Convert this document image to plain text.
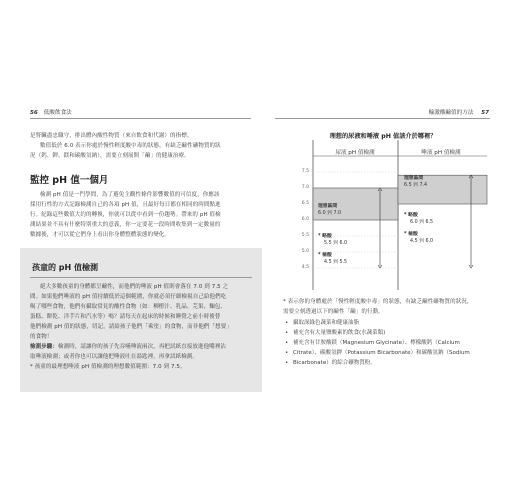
56 低酸飲食法	輸激酸鹼值的方法 57
是腎臟盡忠職守，排出體內酸性物質（來自飲食和代謝）的指標。
數值低於 6.0 表示你處於慢性輕度酸中毒的狀態，有缺乏鹼性礦物質的狀
況（鈣、鉀、鎂和碳酸氫鈉），需要立刻展開「鹼」的健康治療。
監控 pH 值一個月
檢測 pH 值是一門學問，為了避免主觀性條件影響數值的可信度，你應該
採用行性的方式記錄檢測自己的各項 pH 值，且最好每日都在相同的時間點進
行。紀錄這些數值大約的轉換，你就可以從中看到一份趨勢。帶來的 pH 值檢
測結果並不具有什麼特別重大的意義，你一定要花一段時間收集到一定數量的
數據後，才可以從它們身上看出你身體整體狀態的變化。
孩童的 pH 值檢測
絕大多數孩童的身體都呈鹼性，而他們的唾液 pH 值則會落在 7.0 到 7.5 之
間。如果他們唾液的 pH 值持續低於這個範圍，你就必須仔細檢視自己給他們吃
喝了哪些食物，他們有攝取常見的酸性食物（如：柳橙汁、乳品、芫果、麵包、
蛋糕、餅乾、洋芋片和汽水等）嗎？請每天在起床的時候和睡覺之前小時後替
他們檢測 pH 值的狀態，切記，請給孩子他們「乘塗」的食物，而非他們「想要」
的食物！
檢測步驟：檢測時，請讓你的孩子先吞嚥唾液兩次，再把試紙直接放進他嘴裡沾
取唾液檢測；或者你也可以讓他把唾液吐在湯匙裡，再拿試紙檢測。
* 孩童的最理想唾液 pH 值檢測的理想數值範圍：7.0 到 7.5。
理想的尿液和唾液 pH 值該介於哪裡？
尿液 pH 值檢測	唾液 pH 值檢測
7.5
7.0
6.5
6.0
5.5
5.0
4.5
理想區間
6.0 到 7.0
* 略酸
5.5 到 6.0
* 極酸
4.5 到 5.5
理想區間
6.5 到 7.4
* 略酸
6.0 到 6.5
* 極酸
4.5 到 6.0
* 表示你的身體處於「慢性輕度酸中毒」的狀態，有缺乏鹼性礦物質的狀況，
需要立刻透過以下的鹼性「鹼」的行動。
• 攝取深綠色蔬菜和健康油脂
• 補充含有大量鹽酸素的飲食(水蔬菜類)
• 補充含有甘胺酸鎂（Magnesium Glycinate）、檸檬酸鈣（Calcium
• Citrate）、碳酸氫鉀（Potassium Bicarbonate）和碳酸氫鈉（Sodium
• Bicarbonate）的綜合礦物質粉。
